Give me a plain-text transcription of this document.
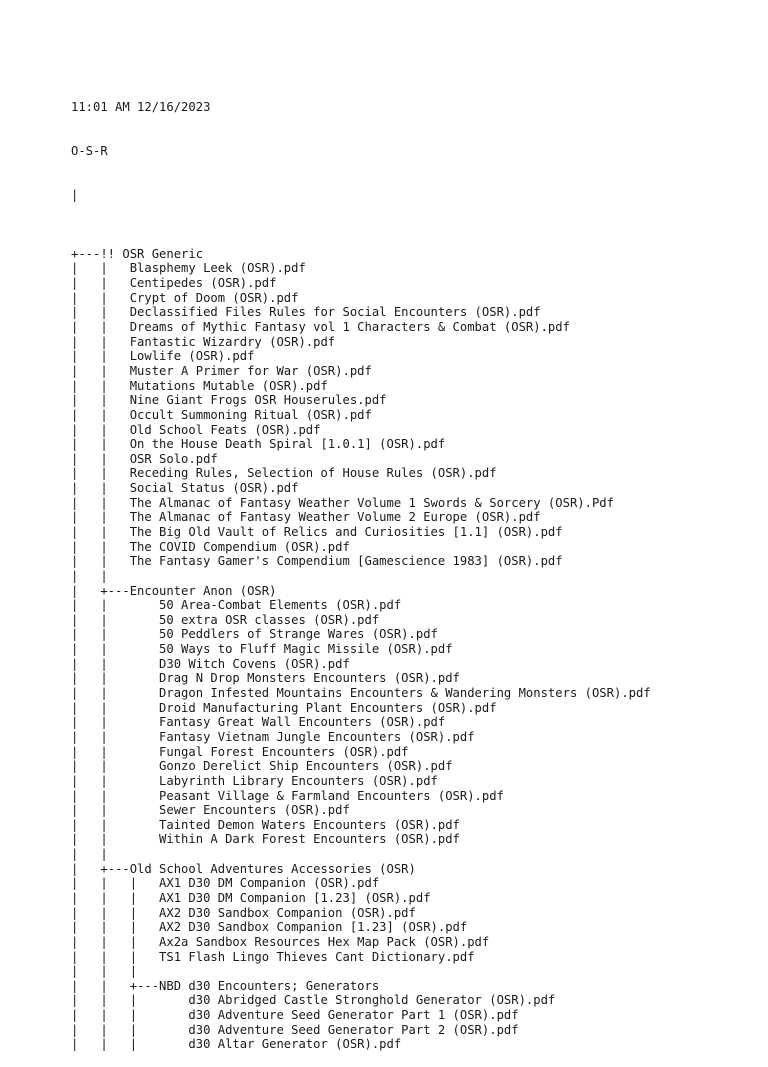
11:01 AM 12/16/2023

O-S-R

|

+---!! OSR Generic
|   |   Blasphemy Leek (OSR).pdf
|   |   Centipedes (OSR).pdf
|   |   Crypt of Doom (OSR).pdf
|   |   Declassified Files Rules for Social Encounters (OSR).pdf
|   |   Dreams of Mythic Fantasy vol 1 Characters & Combat (OSR).pdf
|   |   Fantastic Wizardry (OSR).pdf
|   |   Lowlife (OSR).pdf
|   |   Muster A Primer for War (OSR).pdf
|   |   Mutations Mutable (OSR).pdf
|   |   Nine Giant Frogs OSR Houserules.pdf
|   |   Occult Summoning Ritual (OSR).pdf
|   |   Old School Feats (OSR).pdf
|   |   On the House Death Spiral [1.0.1] (OSR).pdf
|   |   OSR Solo.pdf
|   |   Receding Rules, Selection of House Rules (OSR).pdf
|   |   Social Status (OSR).pdf
|   |   The Almanac of Fantasy Weather Volume 1 Swords & Sorcery (OSR).Pdf
|   |   The Almanac of Fantasy Weather Volume 2 Europe (OSR).pdf
|   |   The Big Old Vault of Relics and Curiosities [1.1] (OSR).pdf
|   |   The COVID Compendium (OSR).pdf
|   |   The Fantasy Gamer's Compendium [Gamescience 1983] (OSR).pdf
|   |
|   +---Encounter Anon (OSR)
|   |       50 Area-Combat Elements (OSR).pdf
|   |       50 extra OSR classes (OSR).pdf
|   |       50 Peddlers of Strange Wares (OSR).pdf
|   |       50 Ways to Fluff Magic Missile (OSR).pdf
|   |       D30 Witch Covens (OSR).pdf
|   |       Drag N Drop Monsters Encounters (OSR).pdf
|   |       Dragon Infested Mountains Encounters & Wandering Monsters (OSR).pdf
|   |       Droid Manufacturing Plant Encounters (OSR).pdf
|   |       Fantasy Great Wall Encounters (OSR).pdf
|   |       Fantasy Vietnam Jungle Encounters (OSR).pdf
|   |       Fungal Forest Encounters (OSR).pdf
|   |       Gonzo Derelict Ship Encounters (OSR).pdf
|   |       Labyrinth Library Encounters (OSR).pdf
|   |       Peasant Village & Farmland Encounters (OSR).pdf
|   |       Sewer Encounters (OSR).pdf
|   |       Tainted Demon Waters Encounters (OSR).pdf
|   |       Within A Dark Forest Encounters (OSR).pdf
|   |
|   +---Old School Adventures Accessories (OSR)
|   |   |   AX1 D30 DM Companion (OSR).pdf
|   |   |   AX1 D30 DM Companion [1.23] (OSR).pdf
|   |   |   AX2 D30 Sandbox Companion (OSR).pdf
|   |   |   AX2 D30 Sandbox Companion [1.23] (OSR).pdf
|   |   |   Ax2a Sandbox Resources Hex Map Pack (OSR).pdf
|   |   |   TS1 Flash Lingo Thieves Cant Dictionary.pdf
|   |   |
|   |   +---NBD d30 Encounters; Generators
|   |   |       d30 Abridged Castle Stronghold Generator (OSR).pdf
|   |   |       d30 Adventure Seed Generator Part 1 (OSR).pdf
|   |   |       d30 Adventure Seed Generator Part 2 (OSR).pdf
|   |   |       d30 Altar Generator (OSR).pdf
